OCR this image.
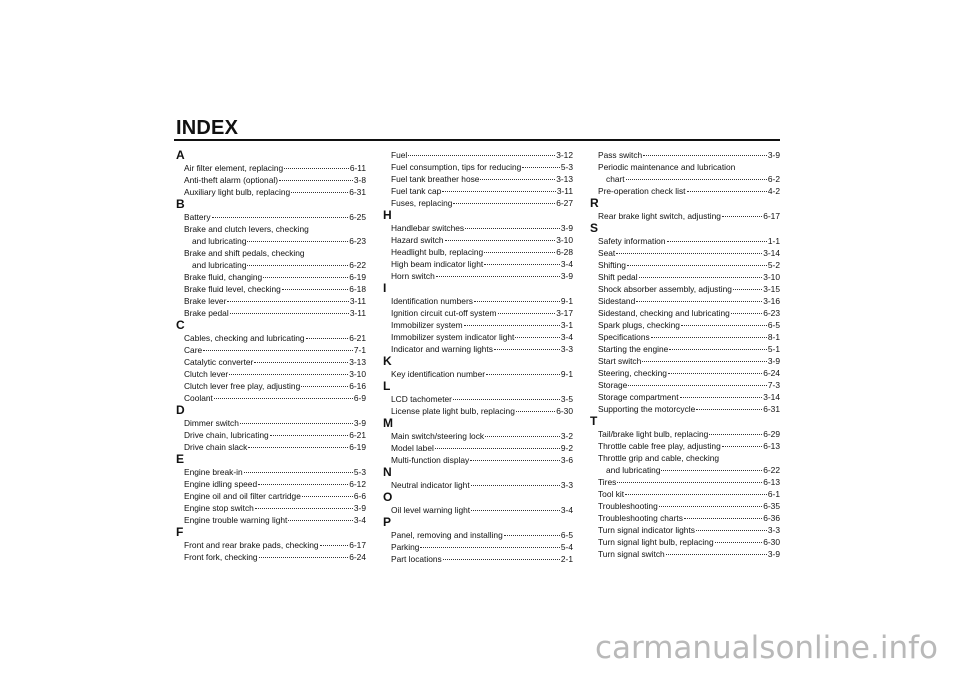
INDEX
A
Air filter element, replacing	6-11
Anti-theft alarm (optional)	3-8
Auxiliary light bulb, replacing	6-31
B
Battery	6-25
Brake and clutch levers, checking
and lubricating	6-23
Brake and shift pedals, checking
and lubricating	6-22
Brake fluid, changing	6-19
Brake fluid level, checking	6-18
Brake lever	3-11
Brake pedal	3-11
C
Cables, checking and lubricating	6-21
Care	7-1
Catalytic converter	3-13
Clutch lever	3-10
Clutch lever free play, adjusting	6-16
Coolant	6-9
D
Dimmer switch	3-9
Drive chain, lubricating	6-21
Drive chain slack	6-19
E
Engine break-in	5-3
Engine idling speed	6-12
Engine oil and oil filter cartridge	6-6
Engine stop switch	3-9
Engine trouble warning light	3-4
F
Front and rear brake pads, checking	6-17
Front fork, checking	6-24
Fuel	3-12
Fuel consumption, tips for reducing	5-3
Fuel tank breather hose	3-13
Fuel tank cap	3-11
Fuses, replacing	6-27
H
Handlebar switches	3-9
Hazard switch	3-10
Headlight bulb, replacing	6-28
High beam indicator light	3-4
Horn switch	3-9
I
Identification numbers	9-1
Ignition circuit cut-off system	3-17
Immobilizer system	3-1
Immobilizer system indicator light	3-4
Indicator and warning lights	3-3
K
Key identification number	9-1
L
LCD tachometer	3-5
License plate light bulb, replacing	6-30
M
Main switch/steering lock	3-2
Model label	9-2
Multi-function display	3-6
N
Neutral indicator light	3-3
O
Oil level warning light	3-4
P
Panel, removing and installing	6-5
Parking	5-4
Part locations	2-1
Pass switch	3-9
Periodic maintenance and lubrication
chart	6-2
Pre-operation check list	4-2
R
Rear brake light switch, adjusting	6-17
S
Safety information	1-1
Seat	3-14
Shifting	5-2
Shift pedal	3-10
Shock absorber assembly, adjusting	3-15
Sidestand	3-16
Sidestand, checking and lubricating	6-23
Spark plugs, checking	6-5
Specifications	8-1
Starting the engine	5-1
Start switch	3-9
Steering, checking	6-24
Storage	7-3
Storage compartment	3-14
Supporting the motorcycle	6-31
T
Tail/brake light bulb, replacing	6-29
Throttle cable free play, adjusting	6-13
Throttle grip and cable, checking
and lubricating	6-22
Tires	6-13
Tool kit	6-1
Troubleshooting	6-35
Troubleshooting charts	6-36
Turn signal indicator lights	3-3
Turn signal light bulb, replacing	6-30
Turn signal switch	3-9
carmanualsonline.info
